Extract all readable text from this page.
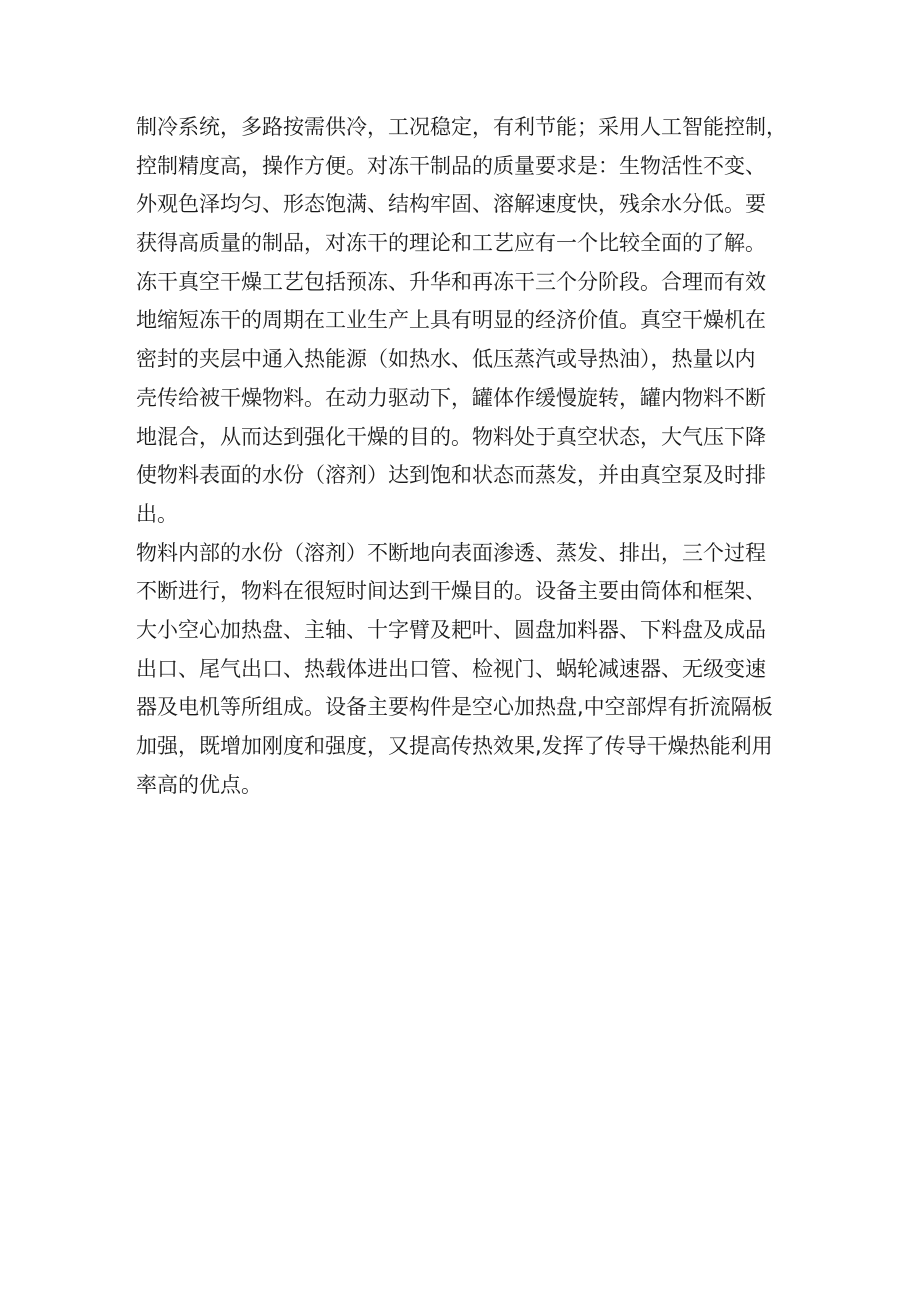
制冷系统，多路按需供冷，工况稳定，有利节能；采用人工智能控制，
控制精度高，操作方便。对冻干制品的质量要求是：生物活性不变、
外观色泽均匀、形态饱满、结构牢固、溶解速度快，残余水分低。要
获得高质量的制品，对冻干的理论和工艺应有一个比较全面的了解。
冻干真空干燥工艺包括预冻、升华和再冻干三个分阶段。合理而有效
地缩短冻干的周期在工业生产上具有明显的经济价值。真空干燥机在
密封的夹层中通入热能源（如热水、低压蒸汽或导热油），热量以内
壳传给被干燥物料。在动力驱动下，罐体作缓慢旋转，罐内物料不断
地混合，从而达到强化干燥的目的。物料处于真空状态，大气压下降
使物料表面的水份（溶剂）达到饱和状态而蒸发，并由真空泵及时排
出。
物料内部的水份（溶剂）不断地向表面渗透、蒸发、排出，三个过程
不断进行，物料在很短时间达到干燥目的。设备主要由筒体和框架、
大小空心加热盘、主轴、十字臂及耙叶、圆盘加料器、下料盘及成品
出口、尾气出口、热载体进出口管、检视门、蜗轮减速器、无级变速
器及电机等所组成。设备主要构件是空心加热盘,中空部焊有折流隔板
加强，既增加刚度和强度，又提高传热效果,发挥了传导干燥热能利用
率高的优点。
